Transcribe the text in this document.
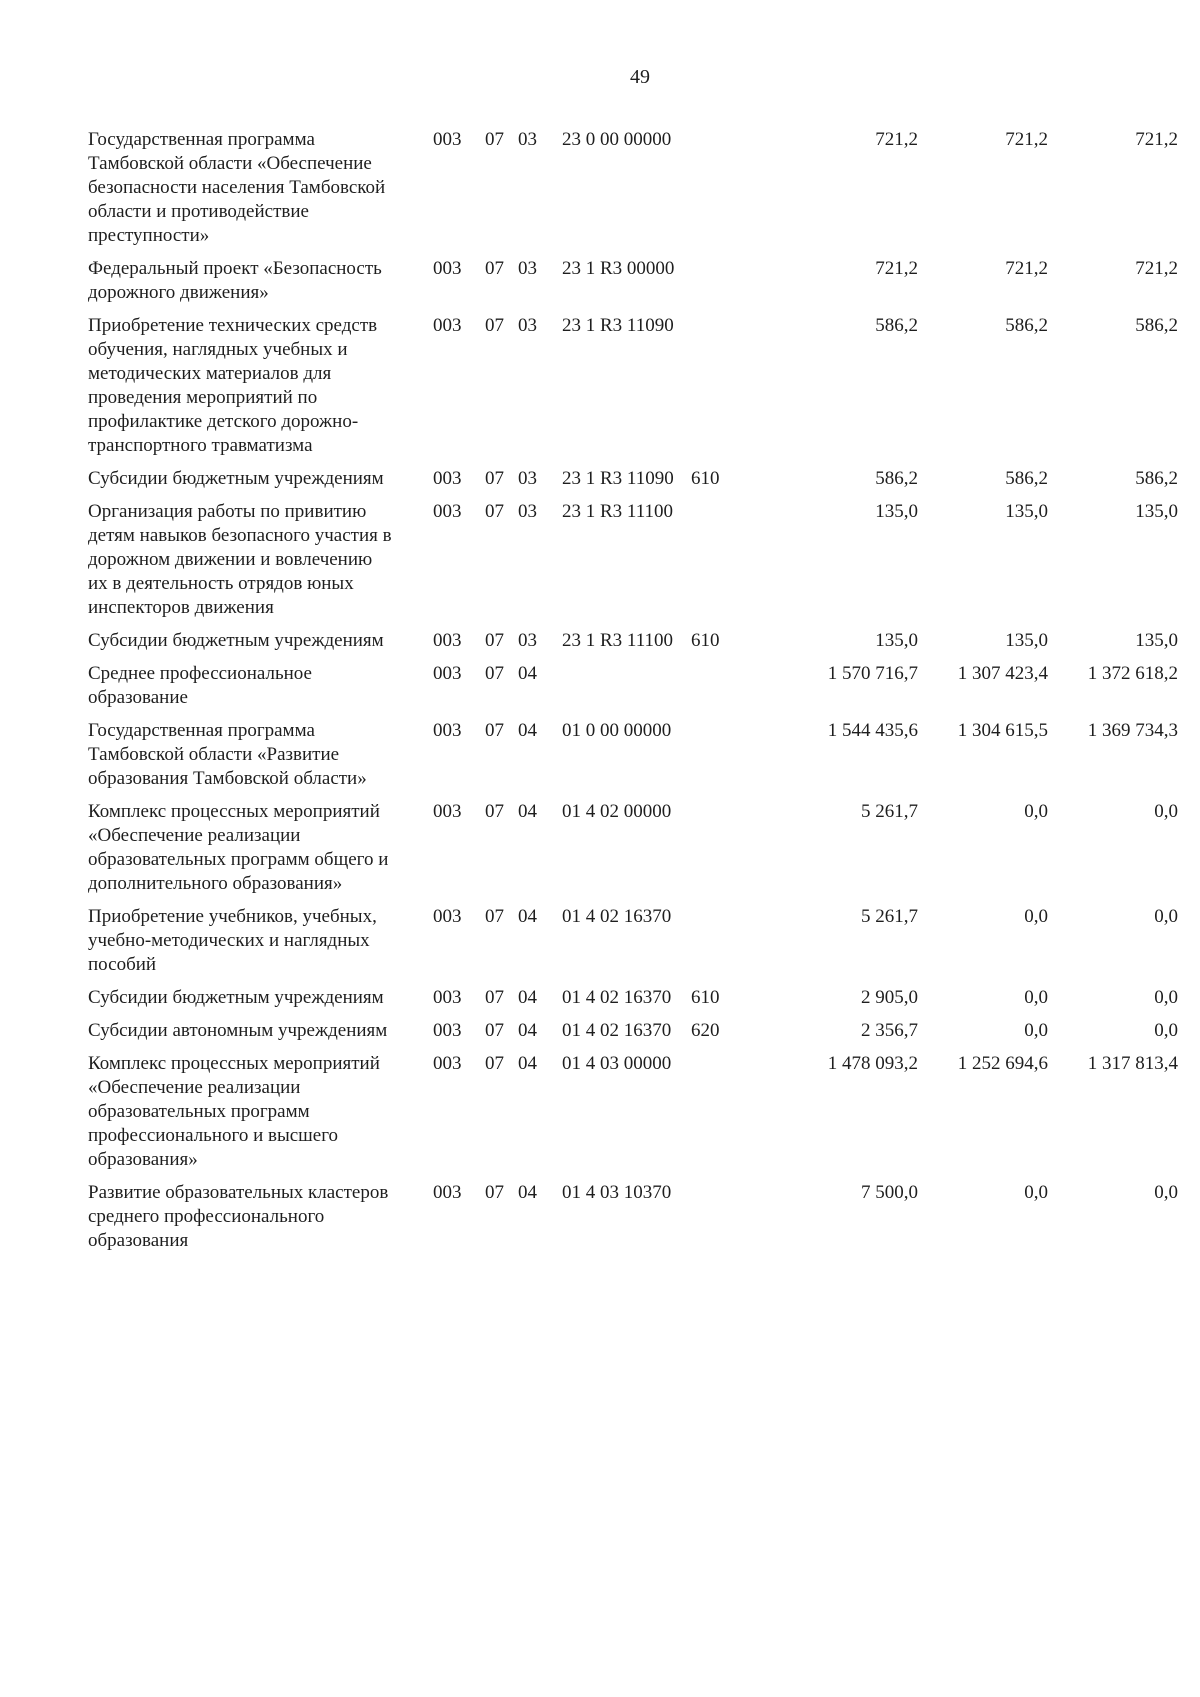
49
Государственная программа Тамбовской области «Обеспечение безопасности населения Тамбовской области и противодействие преступности»
003 07 03 23 0 00 00000	721,2	721,2	721,2
Федеральный проект «Безопасность дорожного движения»
003 07 03 23 1 R3 00000	721,2	721,2	721,2
Приобретение технических средств обучения, наглядных учебных и методических материалов для проведения мероприятий по профилактике детского дорожно-транспортного травматизма
003 07 03 23 1 R3 11090	586,2	586,2	586,2
Субсидии бюджетным учреждениям	003 07 03 23 1 R3 11090 610	586,2	586,2	586,2
Организация работы по привитию детям навыков безопасного участия в дорожном движении и вовлечению их в деятельность отрядов юных инспекторов движения
003 07 03 23 1 R3 11100	135,0	135,0	135,0
Субсидии бюджетным учреждениям	003 07 03 23 1 R3 11100 610	135,0	135,0	135,0
Среднее профессиональное образование
003 07 04	1 570 716,7	1 307 423,4	1 372 618,2
Государственная программа Тамбовской области «Развитие образования Тамбовской области»
003 07 04 01 0 00 00000	1 544 435,6	1 304 615,5	1 369 734,3
Комплекс процессных мероприятий «Обеспечение реализации образовательных программ общего и дополнительного образования»
003 07 04 01 4 02 00000	5 261,7	0,0	0,0
Приобретение учебников, учебных, учебно-методических и наглядных пособий
003 07 04 01 4 02 16370	5 261,7	0,0	0,0
Субсидии бюджетным учреждениям	003 07 04 01 4 02 16370 610	2 905,0	0,0	0,0
Субсидии автономным учреждениям 003 07 04 01 4 02 16370 620	2 356,7	0,0	0,0
Комплекс процессных мероприятий «Обеспечение реализации образовательных программ профессионального и высшего образования»
003 07 04 01 4 03 00000	1 478 093,2	1 252 694,6	1 317 813,4
Развитие образовательных кластеров среднего профессионального образования
003 07 04 01 4 03 10370	7 500,0	0,0	0,0
